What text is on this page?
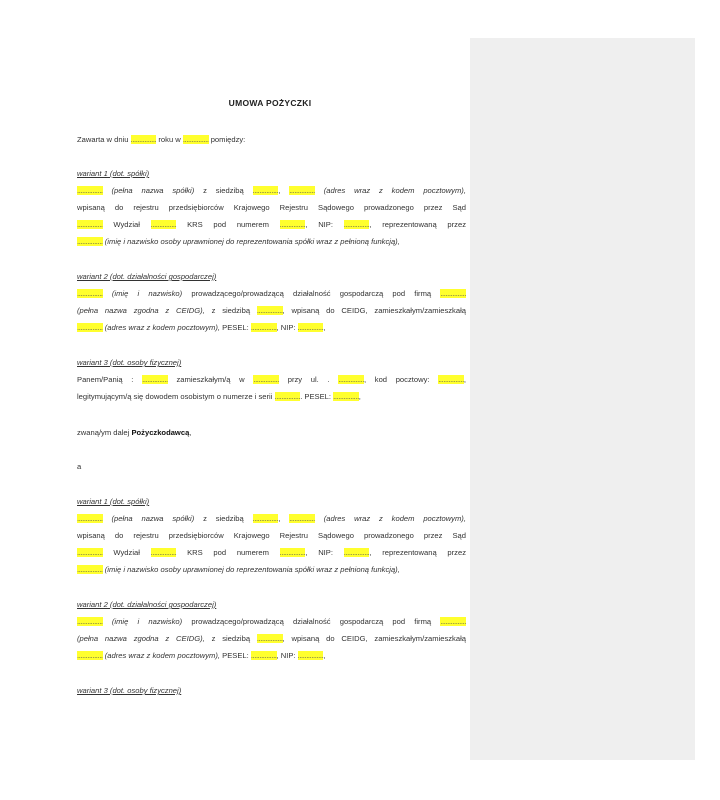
UMOWA POŻYCZKI
Zawarta w dniu ............... roku w ............... pomiędzy:
wariant 1 (dot. spółki)
............... (pełna nazwa spółki) z siedzibą ..............., ............... (adres wraz z kodem pocztowym),
wpisaną do rejestru przedsiębiorców Krajowego Rejestru Sądowego prowadzonego przez Sąd
............... Wydział ............... KRS pod numerem ..............., NIP: ..............., reprezentowaną przez
............... (imię i nazwisko osoby uprawnionej do reprezentowania spółki wraz z pełnioną funkcją),
wariant 2 (dot. działalności gospodarczej)
............... (imię i nazwisko) prowadzącego/prowadzącą działalność gospodarczą pod firmą ...............
(pełna nazwa zgodna z CEIDG), z siedzibą ..............., wpisaną do CEIDG, zamieszkałym/zamieszkałą
............... (adres wraz z kodem pocztowym), PESEL: ..............., NIP: ...............,
wariant 3 (dot. osoby fizycznej)
Panem/Panią : ............... zamieszkałym/ą w ............... przy ul. . ..............., kod pocztowy: ...............,
legitymującym/ą się dowodem osobistym o numerze i serii ................ PESEL: ...............,
zwaną/ym dalej Pożyczkodawcą,
a
wariant 1 (dot. spółki)
............... (pełna nazwa spółki) z siedzibą ..............., ............... (adres wraz z kodem pocztowym),
wpisaną do rejestru przedsiębiorców Krajowego Rejestru Sądowego prowadzonego przez Sąd
............... Wydział ............... KRS pod numerem ..............., NIP: ..............., reprezentowaną przez
............... (imię i nazwisko osoby uprawnionej do reprezentowania spółki wraz z pełnioną funkcją),
wariant 2 (dot. działalności gospodarczej)
............... (imię i nazwisko) prowadzącego/prowadzącą działalność gospodarczą pod firmą ...............
(pełna nazwa zgodna z CEIDG), z siedzibą ..............., wpisaną do CEIDG, zamieszkałym/zamieszkałą
............... (adres wraz z kodem pocztowym), PESEL: ..............., NIP: ...............,
wariant 3 (dot. osoby fizycznej)
